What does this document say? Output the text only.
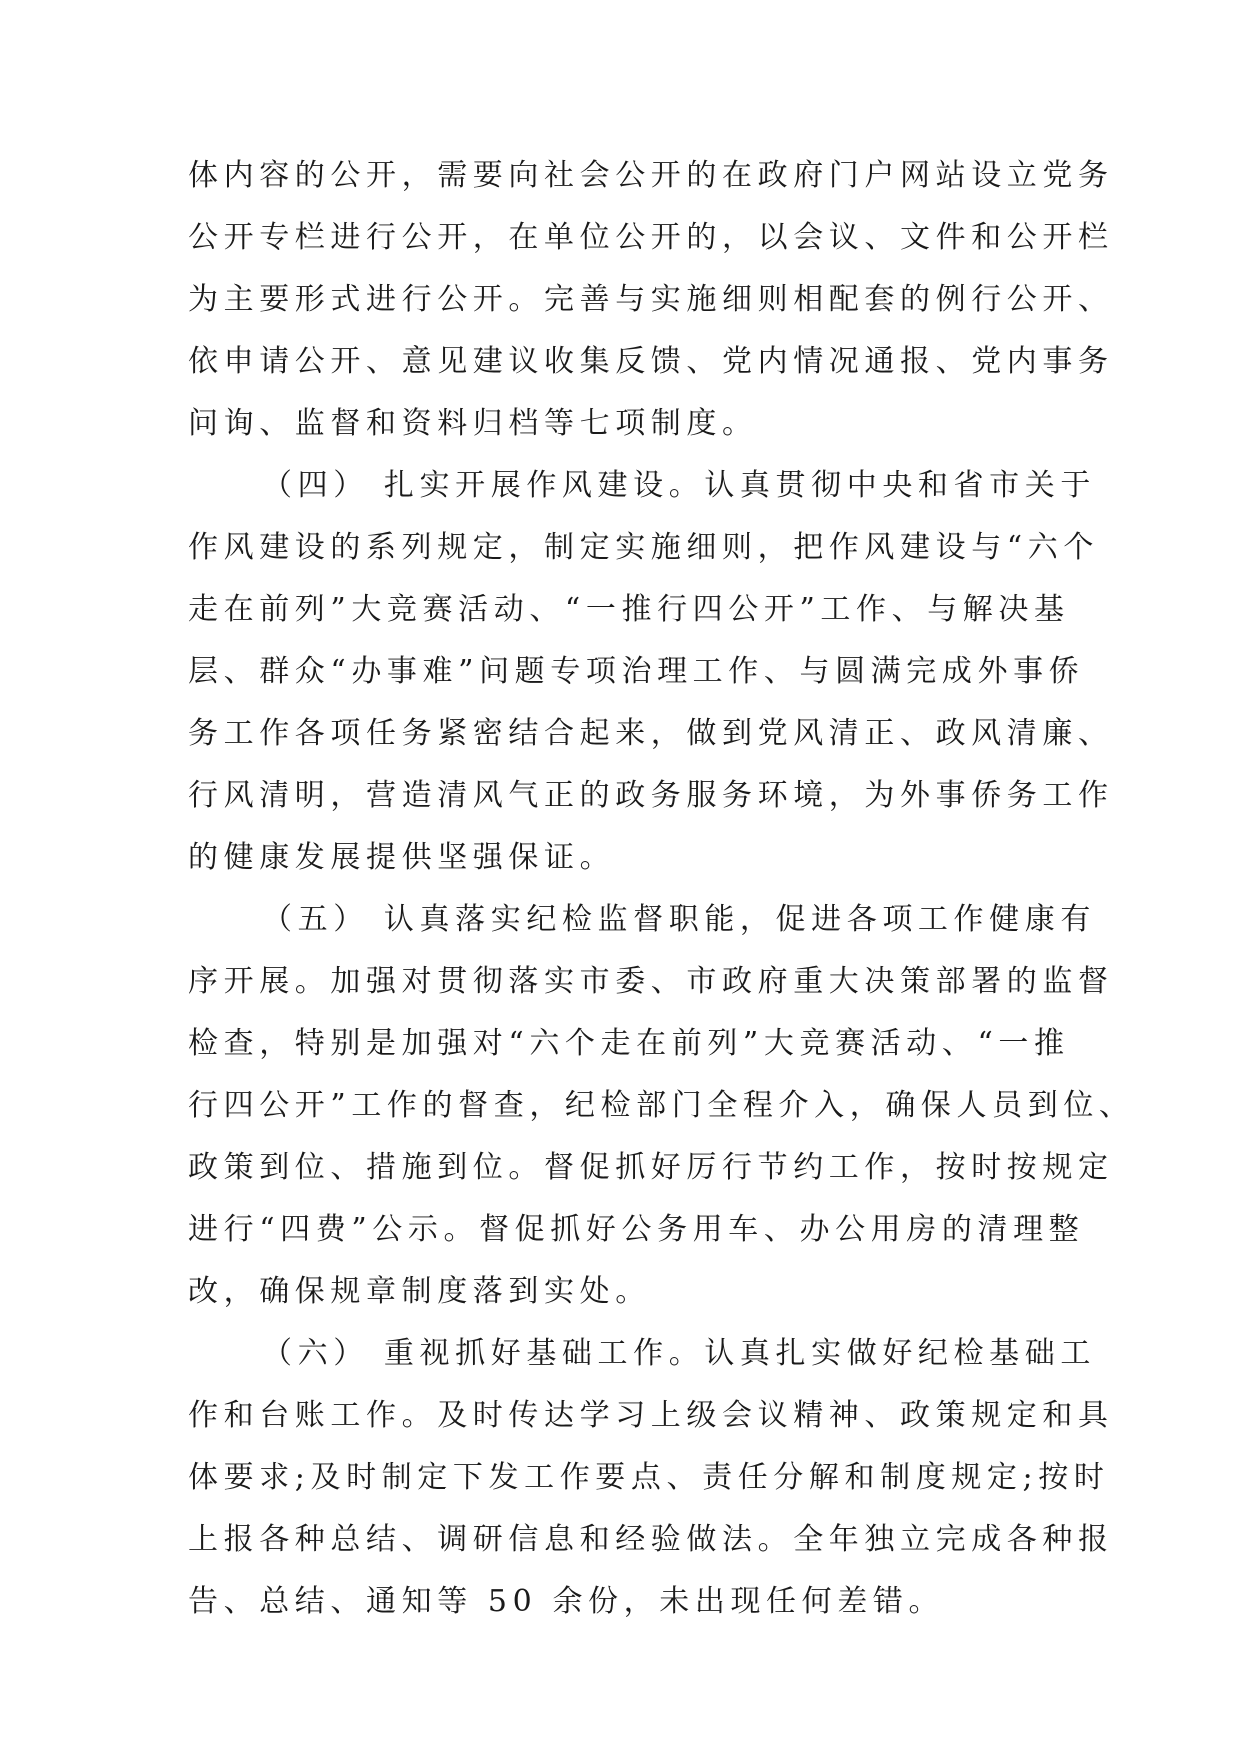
体内容的公开，需要向社会公开的在政府门户网站设立党务
公开专栏进行公开，在单位公开的，以会议、文件和公开栏
为主要形式进行公开。完善与实施细则相配套的例行公开、
依申请公开、意见建议收集反馈、党内情况通报、党内事务
问询、监督和资料归档等七项制度。
（四） 扎实开展作风建设。认真贯彻中央和省市关于
作风建设的系列规定，制定实施细则，把作风建设与“六个
走在前列”大竞赛活动、“一推行四公开”工作、与解决基
层、群众“办事难”问题专项治理工作、与圆满完成外事侨
务工作各项任务紧密结合起来，做到党风清正、政风清廉、
行风清明，营造清风气正的政务服务环境，为外事侨务工作
的健康发展提供坚强保证。
（五） 认真落实纪检监督职能，促进各项工作健康有
序开展。加强对贯彻落实市委、市政府重大决策部署的监督
检查，特别是加强对“六个走在前列”大竞赛活动、“一推
行四公开”工作的督查，纪检部门全程介入，确保人员到位、
政策到位、措施到位。督促抓好厉行节约工作，按时按规定
进行“四费”公示。督促抓好公务用车、办公用房的清理整
改，确保规章制度落到实处。
（六） 重视抓好基础工作。认真扎实做好纪检基础工
作和台账工作。及时传达学习上级会议精神、政策规定和具
体要求;及时制定下发工作要点、责任分解和制度规定;按时
上报各种总结、调研信息和经验做法。全年独立完成各种报
告、总结、通知等 50 余份，未出现任何差错。
